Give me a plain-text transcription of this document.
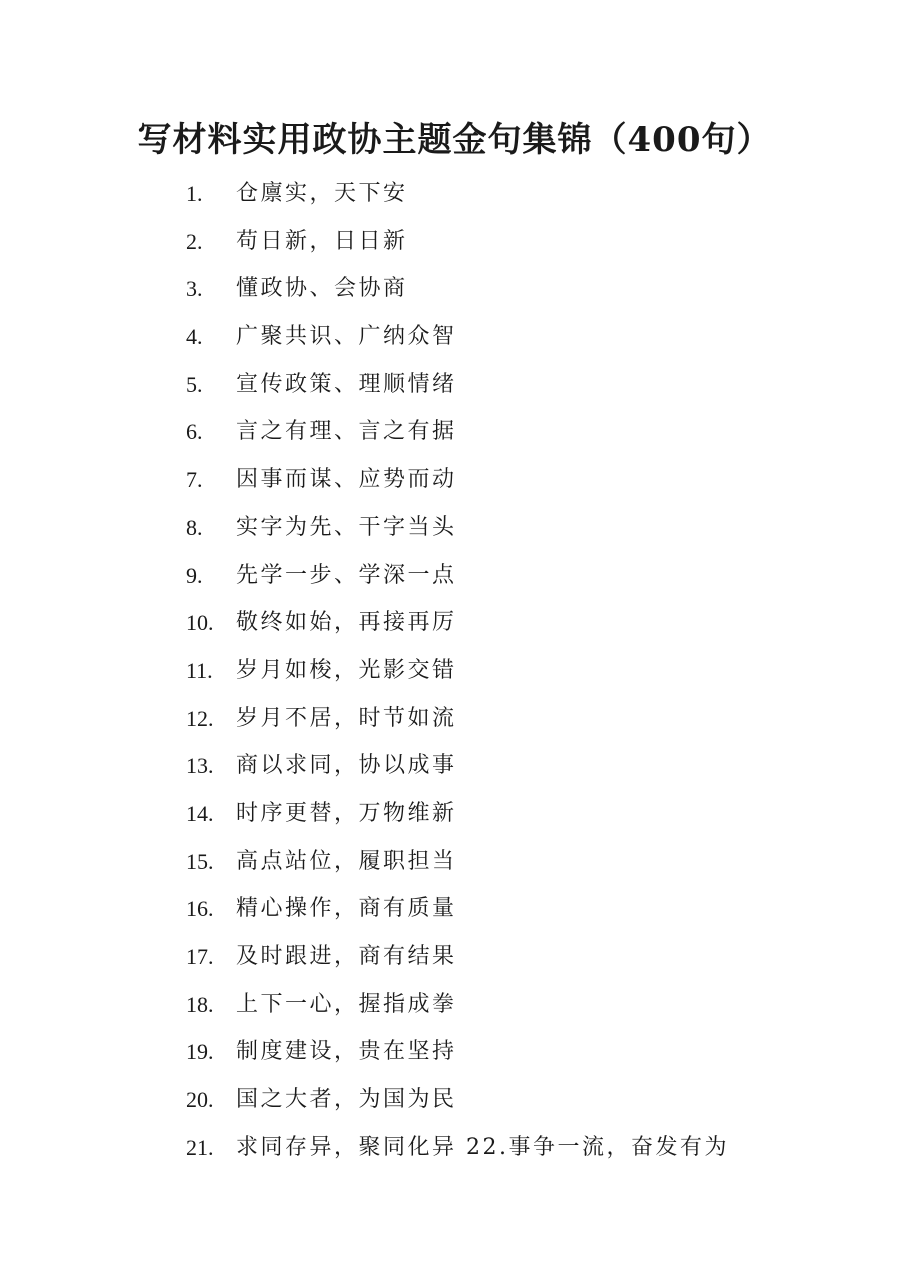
写材料实用政协主题金句集锦（400句）
1.	仓廪实，天下安
2.	苟日新，日日新
3.	懂政协、会协商
4.	广聚共识、广纳众智
5.	宣传政策、理顺情绪
6.	言之有理、言之有据
7.	因事而谋、应势而动
8.	实字为先、干字当头
9.	先学一步、学深一点
10.	敬终如始，再接再厉
11.	岁月如梭，光影交错
12.	岁月不居，时节如流
13.	商以求同，协以成事
14.	时序更替，万物维新
15.	高点站位，履职担当
16.	精心操作，商有质量
17.	及时跟进，商有结果
18.	上下一心，握指成拳
19.	制度建设，贵在坚持
20.	国之大者，为国为民
21.	求同存异，聚同化异 22.事争一流，奋发有为
